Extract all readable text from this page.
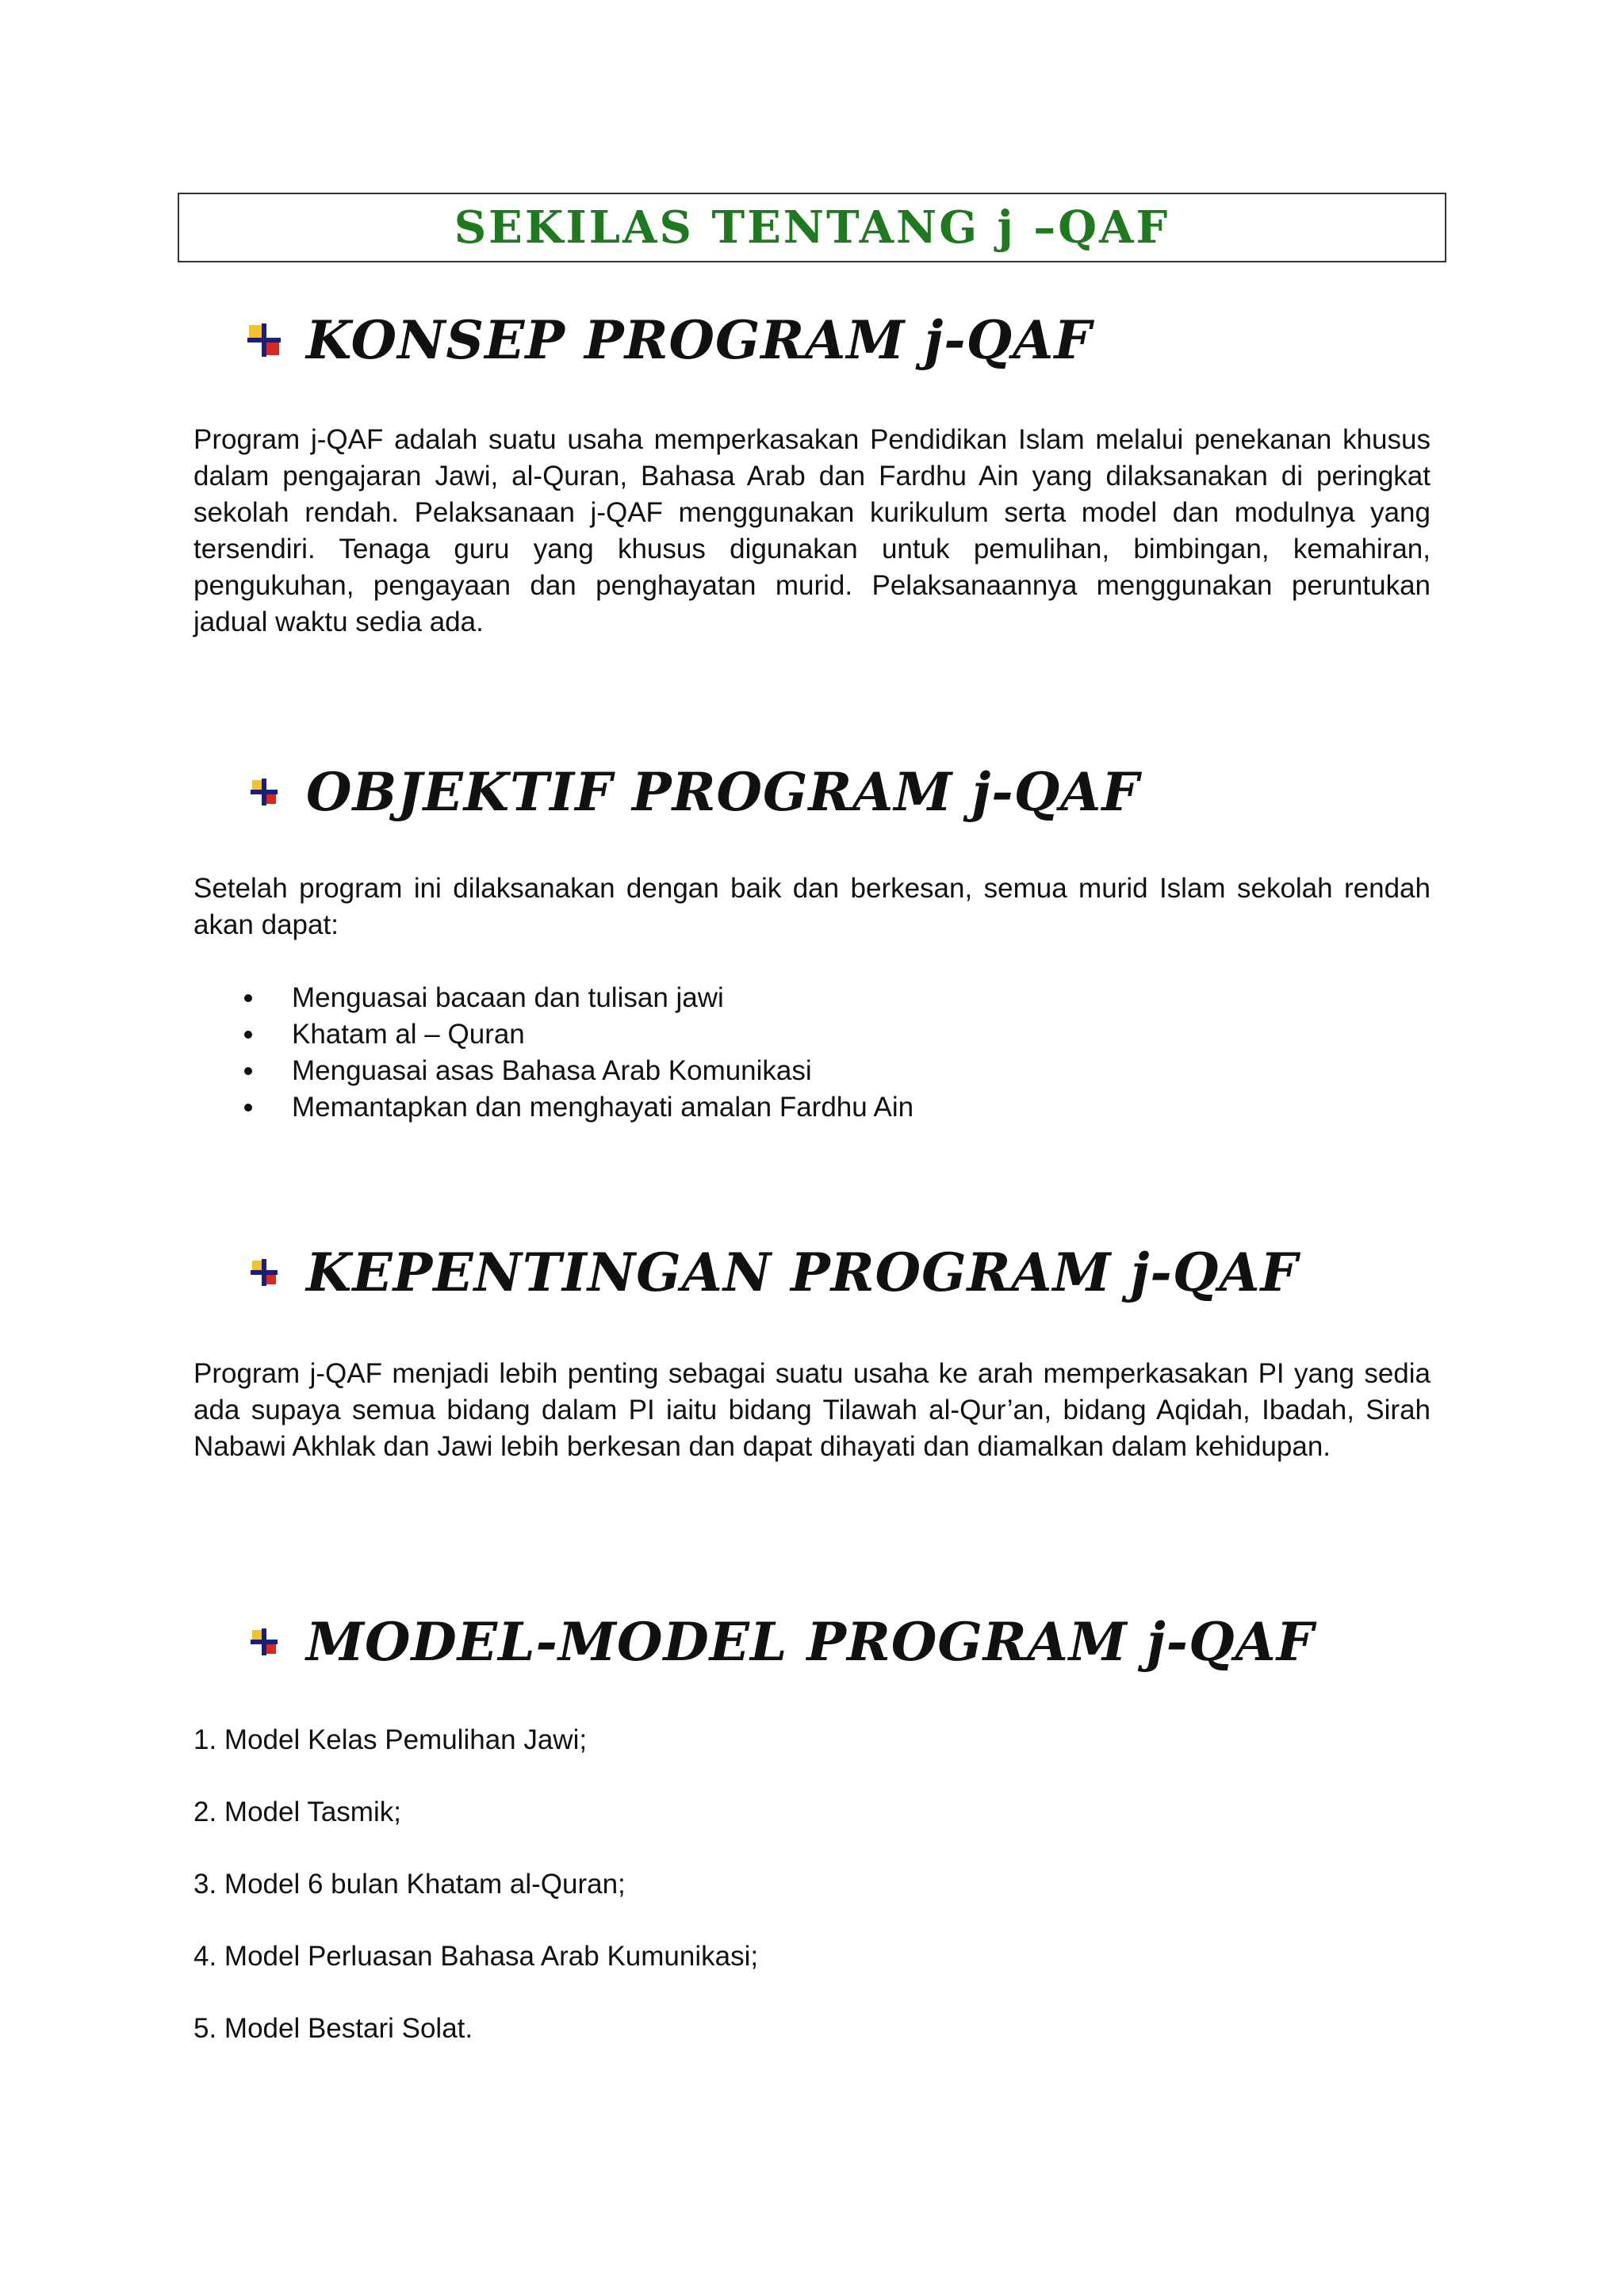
SEKILAS TENTANG j –QAF
KONSEP PROGRAM j-QAF

Program j-QAF adalah suatu usaha memperkasakan Pendidikan Islam melalui penekanan khusus dalam pengajaran Jawi, al-Quran, Bahasa Arab dan Fardhu Ain yang dilaksanakan di peringkat sekolah rendah. Pelaksanaan j-QAF menggunakan kurikulum serta model dan modulnya yang tersendiri. Tenaga guru yang khusus digunakan untuk pemulihan, bimbingan, kemahiran, pengukuhan, pengayaan dan penghayatan murid. Pelaksanaannya menggunakan peruntukan jadual waktu sedia ada.

OBJEKTIF PROGRAM j-QAF

Setelah program ini dilaksanakan dengan baik dan berkesan, semua murid Islam sekolah rendah akan dapat:

Menguasai bacaan dan tulisan jawi
Khatam al – Quran
Menguasai asas Bahasa Arab Komunikasi
Memantapkan dan menghayati amalan Fardhu Ain
KEPENTINGAN PROGRAM j-QAF

Program j-QAF menjadi lebih penting sebagai suatu usaha ke arah memperkasakan PI yang sedia ada supaya semua bidang dalam PI iaitu bidang Tilawah al-Qur’an, bidang Aqidah, Ibadah, Sirah Nabawi Akhlak dan Jawi lebih berkesan dan dapat dihayati dan diamalkan dalam kehidupan.

MODEL-MODEL PROGRAM j-QAF
1. Model Kelas Pemulihan Jawi;
2. Model Tasmik;
3. Model 6 bulan Khatam al-Quran;
4. Model Perluasan Bahasa Arab Kumunikasi;
5. Model Bestari Solat.
